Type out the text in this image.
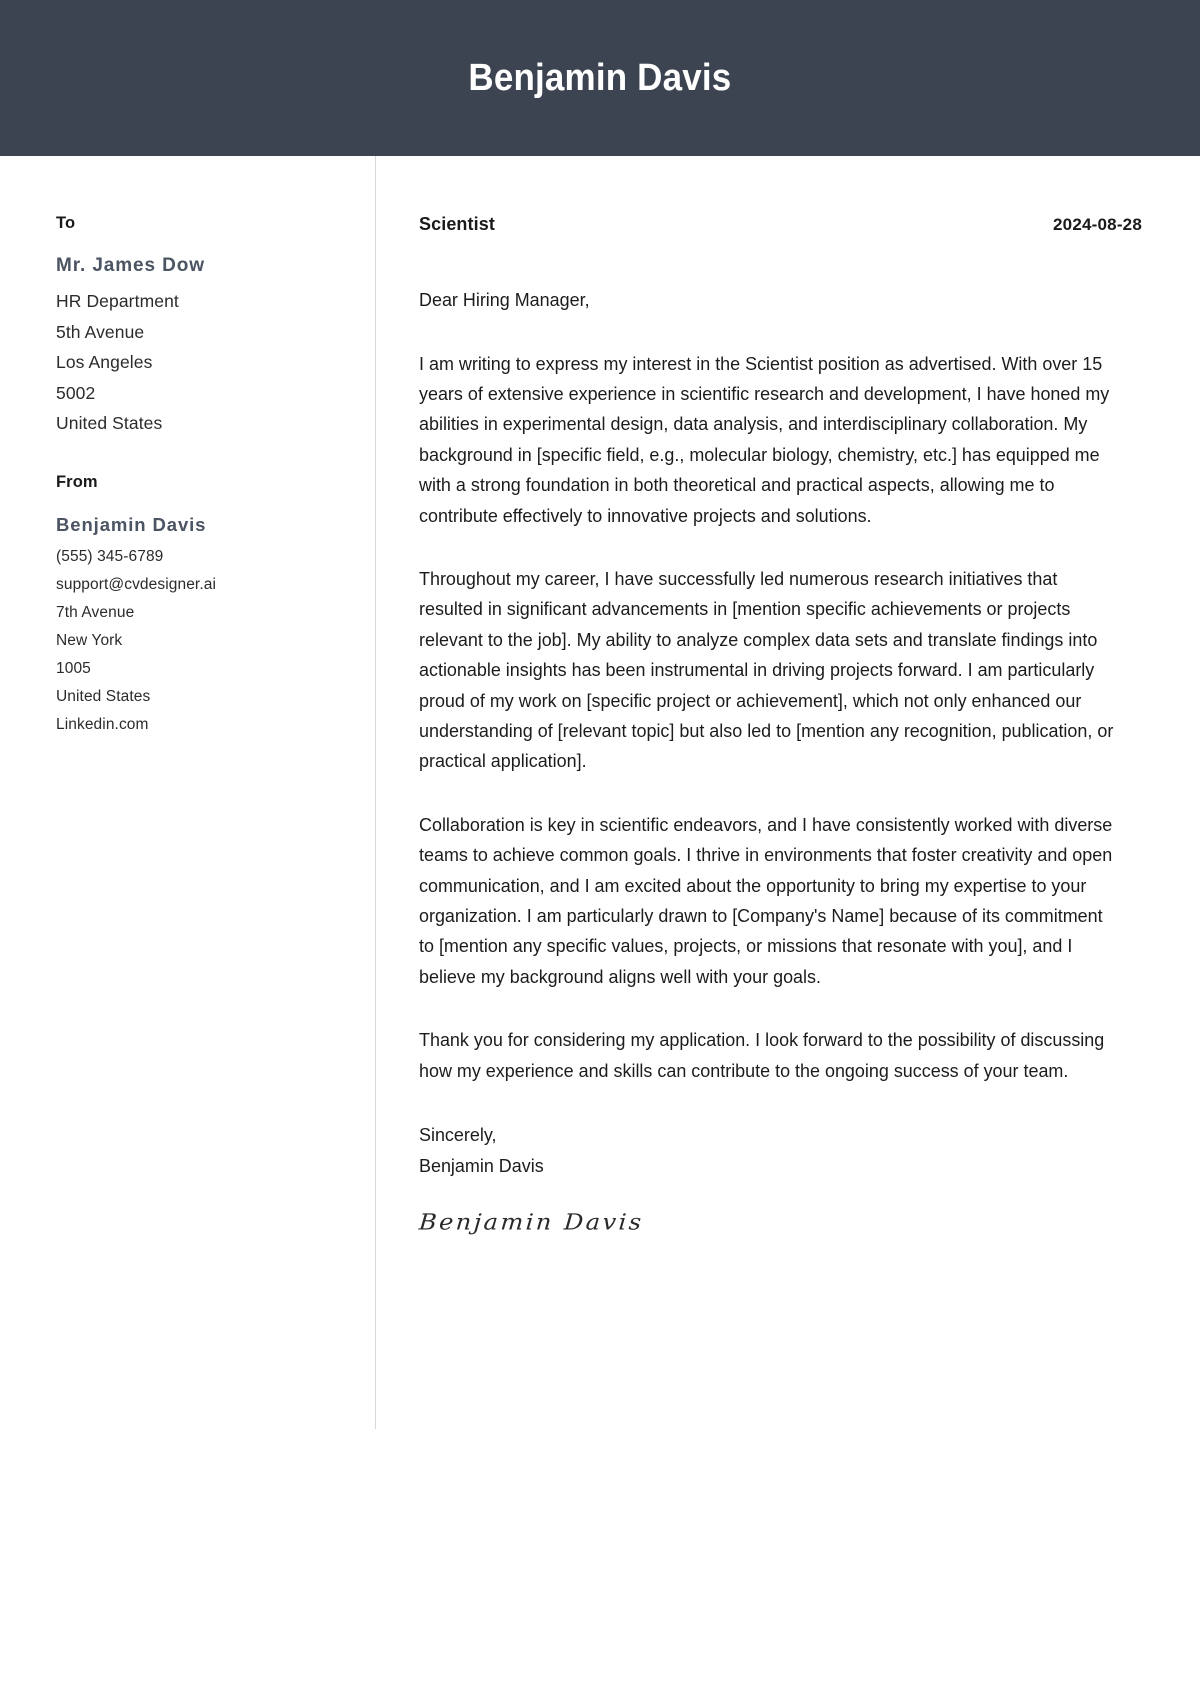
Benjamin Davis
To
Mr. James Dow
HR Department
5th Avenue
Los Angeles
5002
United States
From
Benjamin Davis
(555) 345-6789
support@cvdesigner.ai
7th Avenue
New York
1005
United States
Linkedin.com
Scientist	2024-08-28
Dear Hiring Manager,

I am writing to express my interest in the Scientist position as advertised. With over 15 years of extensive experience in scientific research and development, I have honed my abilities in experimental design, data analysis, and interdisciplinary collaboration. My background in [specific field, e.g., molecular biology, chemistry, etc.] has equipped me with a strong foundation in both theoretical and practical aspects, allowing me to contribute effectively to innovative projects and solutions.

Throughout my career, I have successfully led numerous research initiatives that resulted in significant advancements in [mention specific achievements or projects relevant to the job]. My ability to analyze complex data sets and translate findings into actionable insights has been instrumental in driving projects forward. I am particularly proud of my work on [specific project or achievement], which not only enhanced our understanding of [relevant topic] but also led to [mention any recognition, publication, or practical application].

Collaboration is key in scientific endeavors, and I have consistently worked with diverse teams to achieve common goals. I thrive in environments that foster creativity and open communication, and I am excited about the opportunity to bring my expertise to your organization. I am particularly drawn to [Company's Name] because of its commitment to [mention any specific values, projects, or missions that resonate with you], and I believe my background aligns well with your goals.

Thank you for considering my application. I look forward to the possibility of discussing how my experience and skills can contribute to the ongoing success of your team.

Sincerely,
Benjamin Davis
Benjamin Davis
